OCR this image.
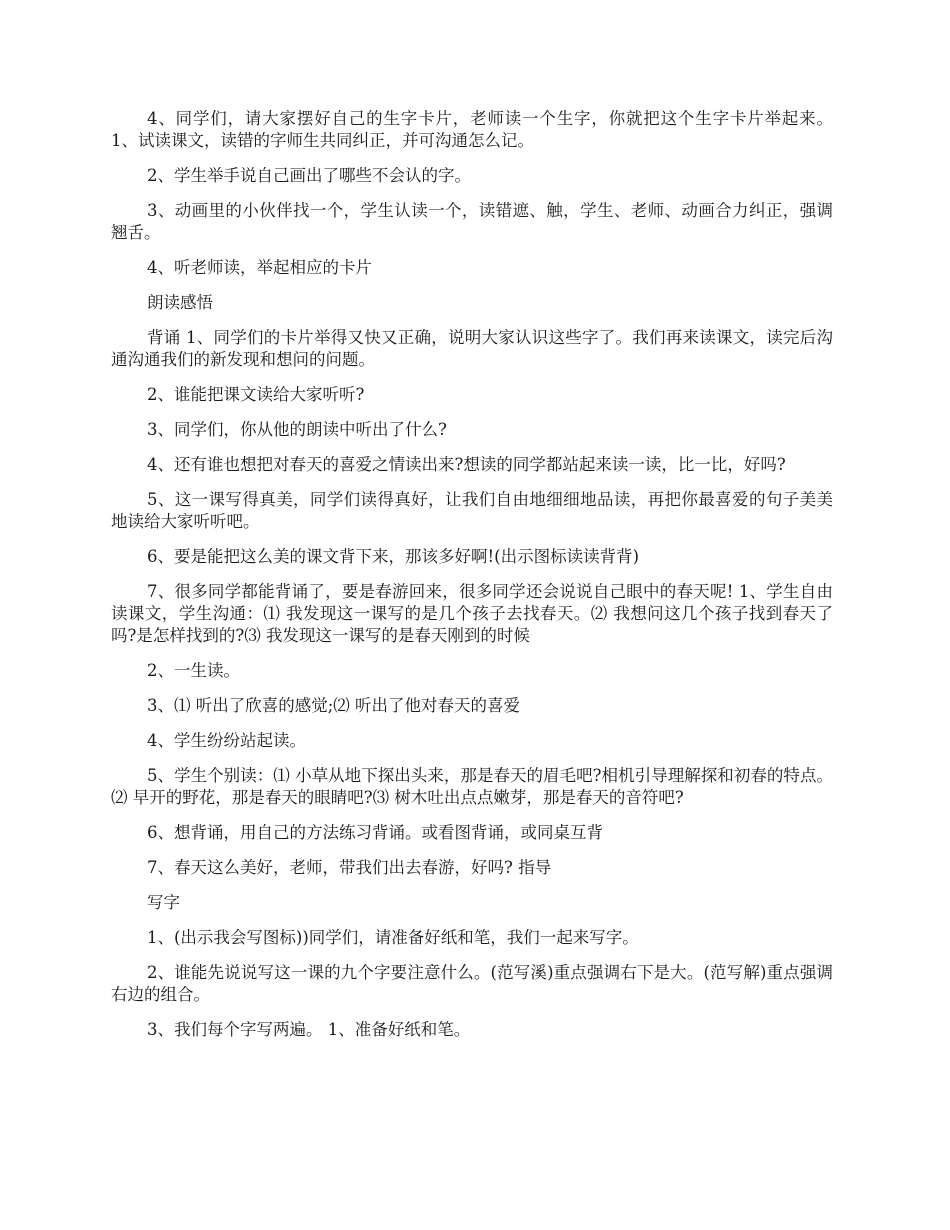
4、同学们，请大家摆好自己的生字卡片，老师读一个生字，你就把这个生字卡片举起来。 1、试读课文，读错的字师生共同纠正，并可沟通怎么记。

2、学生举手说自己画出了哪些不会认的字。

3、动画里的小伙伴找一个，学生认读一个，读错遮、触，学生、老师、动画合力纠正，强调翘舌。

4、听老师读，举起相应的卡片

朗读感悟

背诵 1、同学们的卡片举得又快又正确，说明大家认识这些字了。我们再来读课文，读完后沟通沟通我们的新发现和想问的问题。

2、谁能把课文读给大家听听?

3、同学们，你从他的朗读中听出了什么?

4、还有谁也想把对春天的喜爱之情读出来?想读的同学都站起来读一读，比一比，好吗?

5、这一课写得真美，同学们读得真好，让我们自由地细细地品读，再把你最喜爱的句子美美地读给大家听听吧。

6、要是能把这么美的课文背下来，那该多好啊!(出示图标读读背背)

7、很多同学都能背诵了，要是春游回来，很多同学还会说说自己眼中的春天呢! 1、学生自由读课文，学生沟通：⑴ 我发现这一课写的是几个孩子去找春天。⑵ 我想问这几个孩子找到春天了吗?是怎样找到的?⑶ 我发现这一课写的是春天刚到的时候

2、一生读。

3、⑴ 听出了欣喜的感觉;⑵ 听出了他对春天的喜爱

4、学生纷纷站起读。

5、学生个别读：⑴ 小草从地下探出头来，那是春天的眉毛吧?相机引导理解探和初春的特点。⑵ 早开的野花，那是春天的眼睛吧?⑶ 树木吐出点点嫩芽，那是春天的音符吧?

6、想背诵，用自己的方法练习背诵。或看图背诵，或同桌互背

7、春天这么美好，老师，带我们出去春游，好吗? 指导

写字

1、(出示我会写图标))同学们，请准备好纸和笔，我们一起来写字。

2、谁能先说说写这一课的九个字要注意什么。(范写溪)重点强调右下是大。(范写解)重点强调右边的组合。

3、我们每个字写两遍。 1、准备好纸和笔。
